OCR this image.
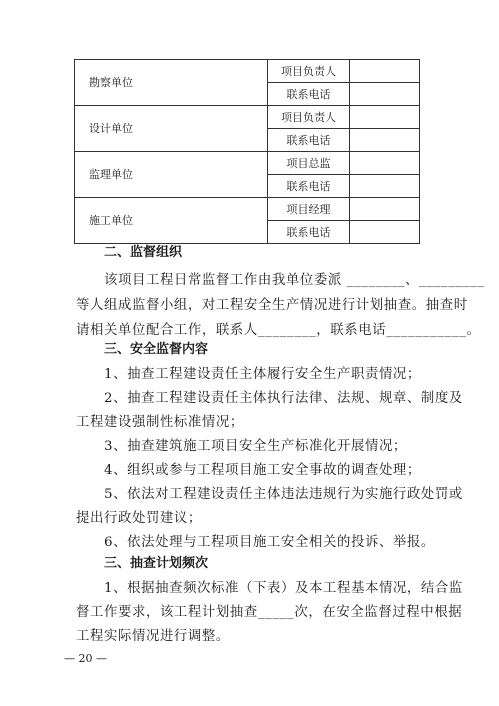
勘察单位	项目负责人	
	联系电话	
设计单位	项目负责人	
	联系电话	
监理单位	项目总监	
	联系电话	
施工单位	项目经理	
	联系电话	
二、监督组织
该项目工程日常监督工作由我单位委派 ________、_________
等人组成监督小组，对工程安全生产情况进行计划抽查。抽查时
请相关单位配合工作，联系人________，联系电话___________。
三、安全监督内容
1、抽查工程建设责任主体履行安全生产职责情况；
2、抽查工程建设责任主体执行法律、法规、规章、制度及
工程建设强制性标准情况；
3、抽查建筑施工项目安全生产标准化开展情况；
4、组织或参与工程项目施工安全事故的调查处理；
5、依法对工程建设责任主体违法违规行为实施行政处罚或
提出行政处罚建议；
6、依法处理与工程项目施工安全相关的投诉、举报。
三、抽查计划频次
1、根据抽查频次标准（下表）及本工程基本情况，结合监
督工作要求，该工程计划抽查_____次，在安全监督过程中根据
工程实际情况进行调整。
— 20 —
